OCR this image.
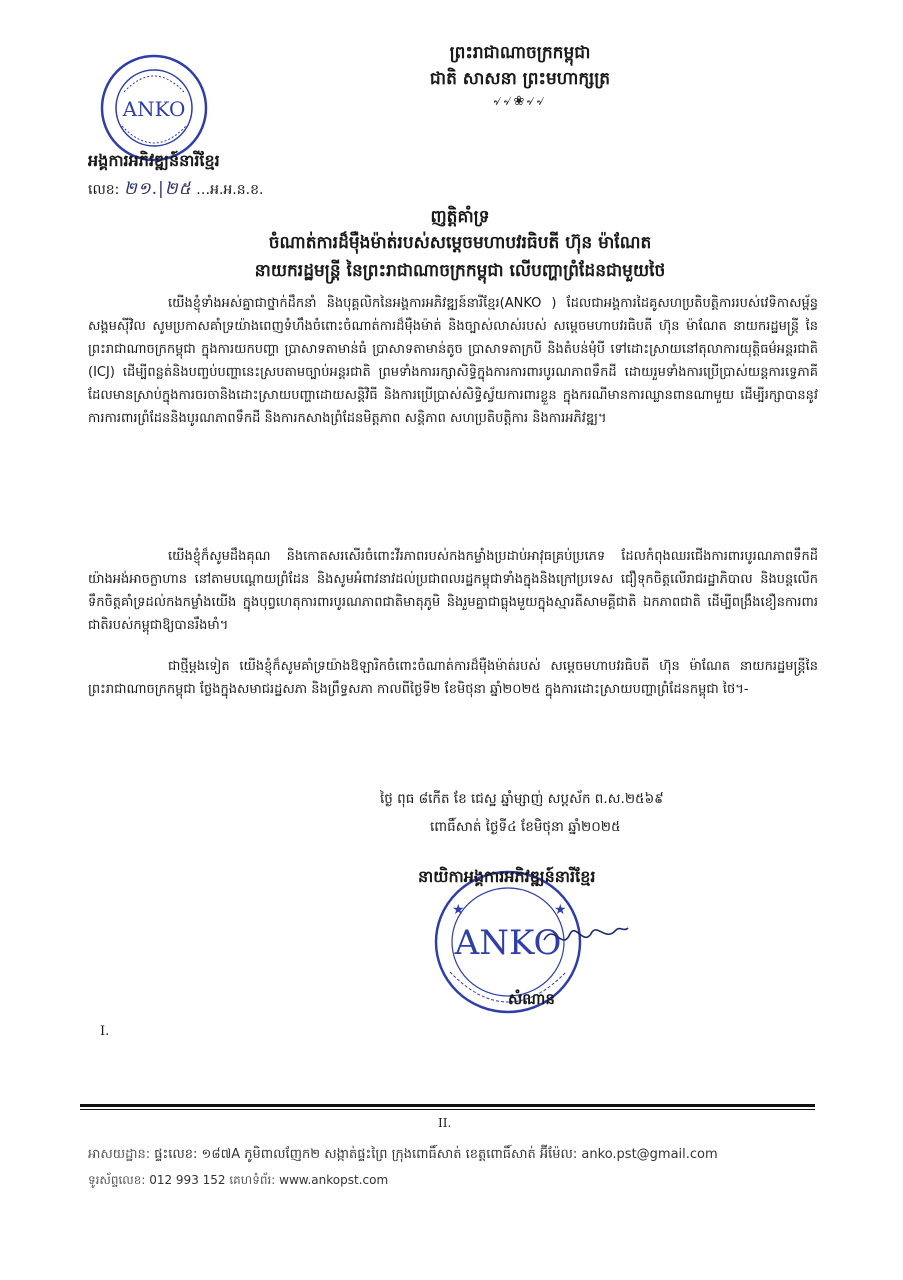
ព្រះរាជាណាចក្រកម្ពុជា
ជាតិ សាសនា ព្រះមហាក្សត្រ
৵৵❀৵৵
ANKO
អង្គការអភិវឌ្ឍន៍នារីខ្មែរ
លេខ: ២១.|២៥ …អ.អ.ន.ខ.
ញត្តិគាំទ្រ
ចំណាត់ការដ៏ម៉ឺងម៉ាត់របស់សម្តេចមហាបវរធិបតី ហ៊ុន ម៉ាណែត
នាយករដ្ឋមន្ត្រី នៃព្រះរាជាណាចក្រកម្ពុជា លើបញ្ហាព្រំដែនជាមួយថៃ
យើងខ្ញុំទាំងអស់គ្នាជាថ្នាក់ដឹកនាំ និងបុគ្គលិកនៃអង្គការអភិវឌ្ឍន៍នារីខ្មែរ(ANKO ) ដែលជាអង្គការដៃគូសហប្រតិបត្តិការរបស់វេទិកាសម្ព័ន្ធសង្គមស៊ីវិល សូមប្រកាសគាំទ្រយ៉ាងពេញទំហឹងចំពោះចំណាត់ការដ៏ម៉ឺងម៉ាត់ និងច្បាស់លាស់របស់ សម្តេចមហាបវរធិបតី ហ៊ុន ម៉ាណែត នាយករដ្ឋមន្ត្រី នៃព្រះរាជាណាចក្រកម្ពុជា ក្នុងការយកបញ្ហា ប្រាសាទតាមាន់ធំ ប្រាសាទតាមាន់តូច ប្រាសាទតាក្របី និងតំបន់មុំបី ទៅដោះស្រាយនៅតុលាការយុត្តិធម៌អន្តរជាតិ (ICJ) ដើម្បីពន្លត់និងបញ្ចប់បញ្ហានេះស្របតាមច្បាប់អន្តរជាតិ ព្រមទាំងការរក្សាសិទ្ធិក្នុងការការពារបូរណភាពទឹកដី ដោយរួមទាំងការប្រើប្រាស់យន្តការទ្វេភាគីដែលមានស្រាប់ក្នុងការចរចានិងដោះស្រាយបញ្ហាដោយសន្តិវិធី និងការប្រើប្រាស់សិទ្ធិស្វ័យការពារខ្លួន ក្នុងករណីមានការឈ្លានពានណាមួយ ដើម្បីរក្សាបាននូវការការពារព្រំដែននិងបូរណភាពទឹកដី និងការកសាងព្រំដែនមិត្តភាព សន្តិភាព សហប្រតិបត្តិការ និងការអភិវឌ្ឍ។
យើងខ្ញុំក៏សូមដឹងគុណ និងកោតសរសើរចំពោះវីរភាពរបស់កងកម្លាំងប្រដាប់អាវុធគ្រប់ប្រភេទ ដែលកំពុងឈរជើងការពារបូរណភាពទឹកដីយ៉ាងអង់អាចក្លាហាន នៅតាមបណ្តោយព្រំដែន និងសូមអំពាវនាវដល់ប្រជាពលរដ្ឋកម្ពុជាទាំងក្នុងនិងក្រៅប្រទេស ជឿទុកចិត្តលើរាជរដ្ឋាភិបាល និងបន្តលើកទឹកចិត្តគាំទ្រដល់កងកម្លាំងយើង ក្នុងបុព្វហេតុការពារបូរណភាពជាតិមាតុភូមិ និងរួមគ្នាជាធ្លុងមួយក្នុងស្មារតីសាមគ្គីជាតិ ឯកភាពជាតិ ដើម្បីពង្រឹងខឿនការពារជាតិរបស់កម្ពុជាឱ្យបានរឹងមាំ។
ជាថ្មីម្តងទៀត យើងខ្ញុំក៏សូមគាំទ្រយ៉ាងឱឡារិកចំពោះចំណាត់ការដ៏ម៉ឺងម៉ាត់របស់ សម្តេចមហាបវរធិបតី ហ៊ុន ម៉ាណែត នាយករដ្ឋមន្ត្រីនៃព្រះរាជាណាចក្រកម្ពុជា ថ្លែងក្នុងសមាជរដ្ឋសភា និងព្រឹទ្ធសភា កាលពីថ្ងៃទី២ ខែមិថុនា ឆ្នាំ២០២៥ ក្នុងការដោះស្រាយបញ្ហាព្រំដែនកម្ពុជា ថៃ។-
ថ្ងៃ ពុធ ៨កើត ខែ ជេស្ឋ ឆ្នាំម្សាញ់ សប្តស័ក ព.ស.២៥៦៩
ពោធិ៍សាត់ ថ្ងៃទី៤ ខែមិថុនា ឆ្នាំ២០២៥
ANKO
★	★
នាយិកាអង្គការអភិវឌ្ឍន៍នារីខ្មែរ
សំណាន
I.
II.
អាសយដ្ឋាន: ផ្ទះលេខ: ១៨៧A ភូមិពាលញែក២ សង្កាត់ផ្ទះព្រៃ ក្រុងពោធិ៍សាត់ ខេត្តពោធិ៍សាត់ អ៊ីម៉ែល: anko.pst@gmail.com
ទូរស័ព្ទលេខ: 012 993 152 គេហទំព័រ: www.ankopst.com
